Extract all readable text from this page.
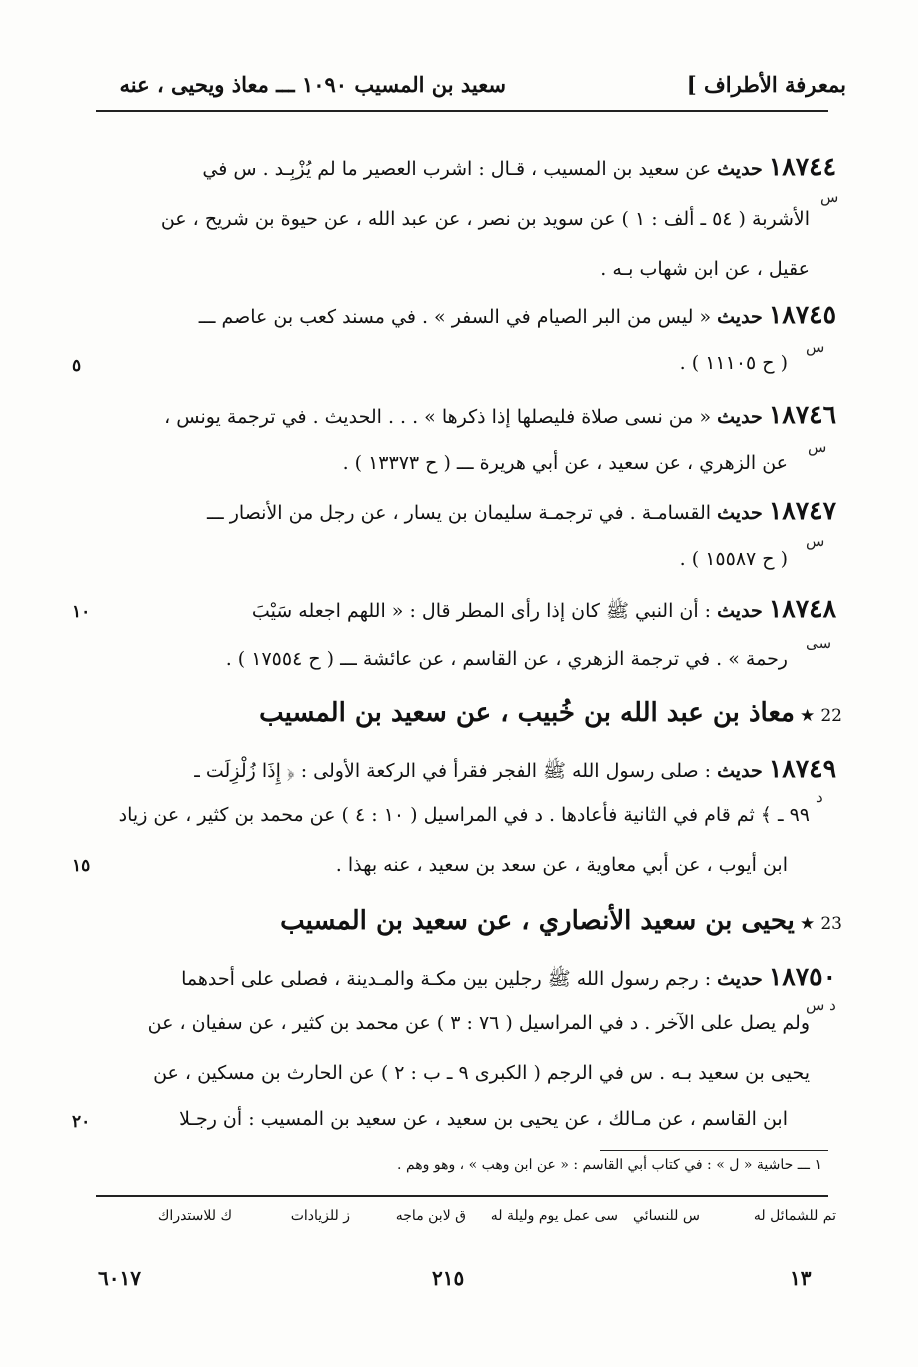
بمعرفة الأطراف ]
سعيد بن المسيب ١٠٩٠ ـــ معاذ ويحيى ، عنه
١٨٧٤٤ حديث عن سعيد بن المسيب ، قـال : اشرب العصير ما لم يُزْبِـد . س في
س
الأشربة ( ٥٤ ـ ألف : ١ ) عن سويد بن نصر ، عن عبد الله ، عن حيوة بن شريح ، عن
عقيل ، عن ابن شهاب بـه .
١٨٧٤٥ حديث « ليس من البر الصيام في السفر » . في مسند كعب بن عاصم ـــ
س
( ح ١١١٠٥ ) .
٥
١٨٧٤٦ حديث « من نسى صلاة فليصلها إذا ذكرها » . . . الحديث . في ترجمة يونس ،
س
عن الزهري ، عن سعيد ، عن أبي هريرة ـــ ( ح ١٣٣٧٣ ) .
١٨٧٤٧ حديث القسامـة . في ترجمـة سليمان بن يسار ، عن رجل من الأنصار ـــ
س
( ح ١٥٥٨٧ ) .
١٨٧٤٨ حديث : أن النبي ﷺ كان إذا رأى المطر قال : « اللهم اجعله سَيْبَ
١٠
سى
رحمة » . في ترجمة الزهري ، عن القاسم ، عن عائشة ـــ ( ح ١٧٥٥٤ ) .
22 ★ معاذ بن عبد الله بن خُبيب ، عن سعيد بن المسيب
١٨٧٤٩ حديث : صلى رسول الله ﷺ الفجر فقرأ في الركعة الأولى : ﴿ إِذَا زُلْزِلَت ـ
د
٩٩ ـ ﴾ ثم قام في الثانية فأعادها . د في المراسيل ( ١٠ : ٤ ) عن محمد بن كثير ، عن زياد
ابن أيوب ، عن أبي معاوية ، عن سعد بن سعيد ، عنه بهذا .
١٥
23 ★ يحيى بن سعيد الأنصاري ، عن سعيد بن المسيب
١٨٧٥٠ حديث : رجم رسول الله ﷺ رجلين بين مكـة والمـدينة ، فصلى على أحدهما
د س
ولم يصل على الآخر . د في المراسيل ( ٧٦ : ٣ ) عن محمد بن كثير ، عن سفيان ، عن
يحيى بن سعيد بـه . س في الرجم ( الكبرى ٩ ـ ب : ٢ ) عن الحارث بن مسكين ، عن
ابن القاسم ، عن مـالك ، عن يحيى بن سعيد ، عن سعيد بن المسيب : أن رجـلا
٢٠
١ ـــ حاشية « ل » : في كتاب أبي القاسم : « عن ابن وهب » ، وهو وهم .
تم للشمائل له
س للنسائي
سى عمل يوم وليلة له
ق لابن ماجه
ز للزيادات
ك للاستدراك
٦٠١٧	٢١٥	١٣
